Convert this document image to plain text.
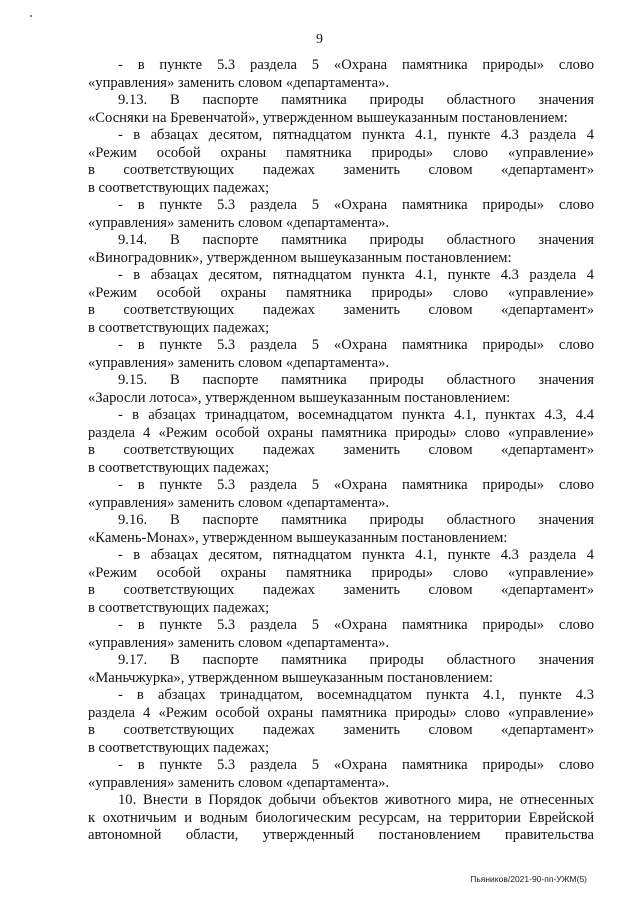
9
- в пункте 5.3 раздела 5 «Охрана памятника природы» слово
«управления» заменить словом «департамента».
9.13. В паспорте памятника природы областного значения
«Сосняки на Бревенчатой», утвержденном вышеуказанным постановлением:
- в абзацах десятом, пятнадцатом пункта 4.1, пункте 4.3 раздела 4
«Режим особой охраны памятника природы» слово «управление»
в соответствующих падежах заменить словом «департамент»
в соответствующих падежах;
- в пункте 5.3 раздела 5 «Охрана памятника природы» слово
«управления» заменить словом «департамента».
9.14. В паспорте памятника природы областного значения
«Виноградовник», утвержденном вышеуказанным постановлением:
- в абзацах десятом, пятнадцатом пункта 4.1, пункте 4.3 раздела 4
«Режим особой охраны памятника природы» слово «управление»
в соответствующих падежах заменить словом «департамент»
в соответствующих падежах;
- в пункте 5.3 раздела 5 «Охрана памятника природы» слово
«управления» заменить словом «департамента».
9.15. В паспорте памятника природы областного значения
«Заросли лотоса», утвержденном вышеуказанным постановлением:
- в абзацах тринадцатом, восемнадцатом пункта 4.1, пунктах 4.3, 4.4
раздела 4 «Режим особой охраны памятника природы» слово «управление»
в соответствующих падежах заменить словом «департамент»
в соответствующих падежах;
- в пункте 5.3 раздела 5 «Охрана памятника природы» слово
«управления» заменить словом «департамента».
9.16. В паспорте памятника природы областного значения
«Камень-Монах», утвержденном вышеуказанным постановлением:
- в абзацах десятом, пятнадцатом пункта 4.1, пункте 4.3 раздела 4
«Режим особой охраны памятника природы» слово «управление»
в соответствующих падежах заменить словом «департамент»
в соответствующих падежах;
- в пункте 5.3 раздела 5 «Охрана памятника природы» слово
«управления» заменить словом «департамента».
9.17. В паспорте памятника природы областного значения
«Маньчжурка», утвержденном вышеуказанным постановлением:
- в абзацах тринадцатом, восемнадцатом пункта 4.1, пункте 4.3
раздела 4 «Режим особой охраны памятника природы» слово «управление»
в соответствующих падежах заменить словом «департамент»
в соответствующих падежах;
- в пункте 5.3 раздела 5 «Охрана памятника природы» слово
«управления» заменить словом «департамента».
10. Внести в Порядок добычи объектов животного мира, не отнесенных
к охотничьим и водным биологическим ресурсам, на территории Еврейской
автономной области, утвержденный постановлением правительства
Пьяников/2021-90-пп-УЖМ(5)
